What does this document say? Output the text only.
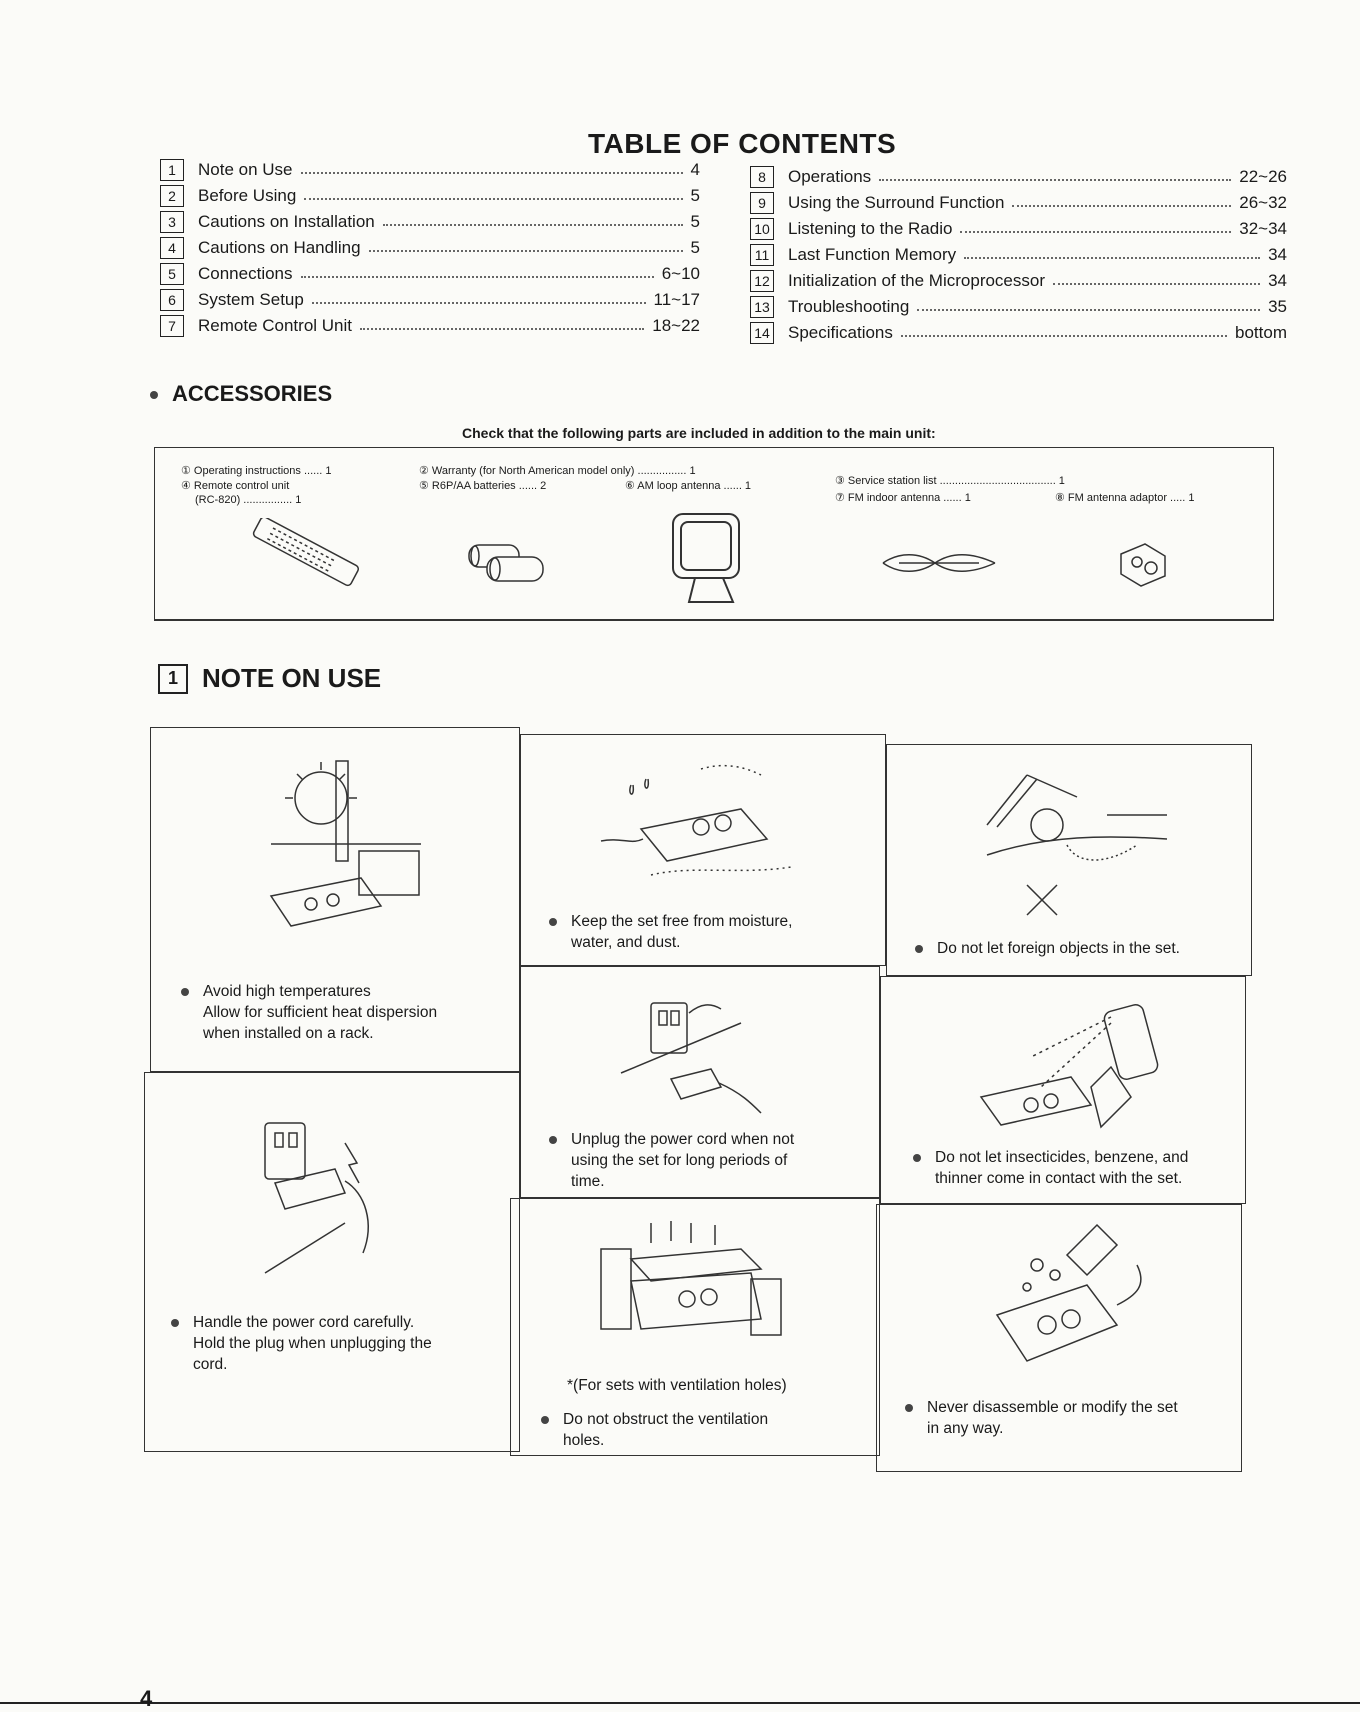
TABLE OF CONTENTS
1	Note on Use	4
2	Before Using	5
3	Cautions on Installation	5
4	Cautions on Handling	5
5	Connections	6~10
6	System Setup	11~17
7	Remote Control Unit	18~22
8	Operations	22~26
9	Using the Surround Function	26~32
10 Listening to the Radio	32~34
11 Last Function Memory	34
12 Initialization of the Microprocessor	34
13 Troubleshooting	35
14 Specifications	bottom
ACCESSORIES
Check that the following parts are included in addition to the main unit:
① Operating instructions ...... 1
④ Remote control unit
(RC-820) ................ 1
② Warranty (for North American model only) ................ 1
⑤ R6P/AA batteries ...... 2	⑥ AM loop antenna ...... 1	③ Service station list ...................................... 1
⑦ FM indoor antenna ...... 1	⑧ FM antenna adaptor ..... 1
1 NOTE ON USE
Avoid high temperatures
Allow for sufficient heat dispersion
when installed on a rack.
Handle the power cord carefully.
Hold the plug when unplugging the
cord.
Keep the set free from moisture,
water, and dust.
Unplug the power cord when not
using the set for long periods of
time.
*(For sets with ventilation holes)
Do not obstruct the ventilation
holes.
Do not let foreign objects in the set.
Do not let insecticides, benzene, and
thinner come in contact with the set.
Never disassemble or modify the set
in any way.
4
